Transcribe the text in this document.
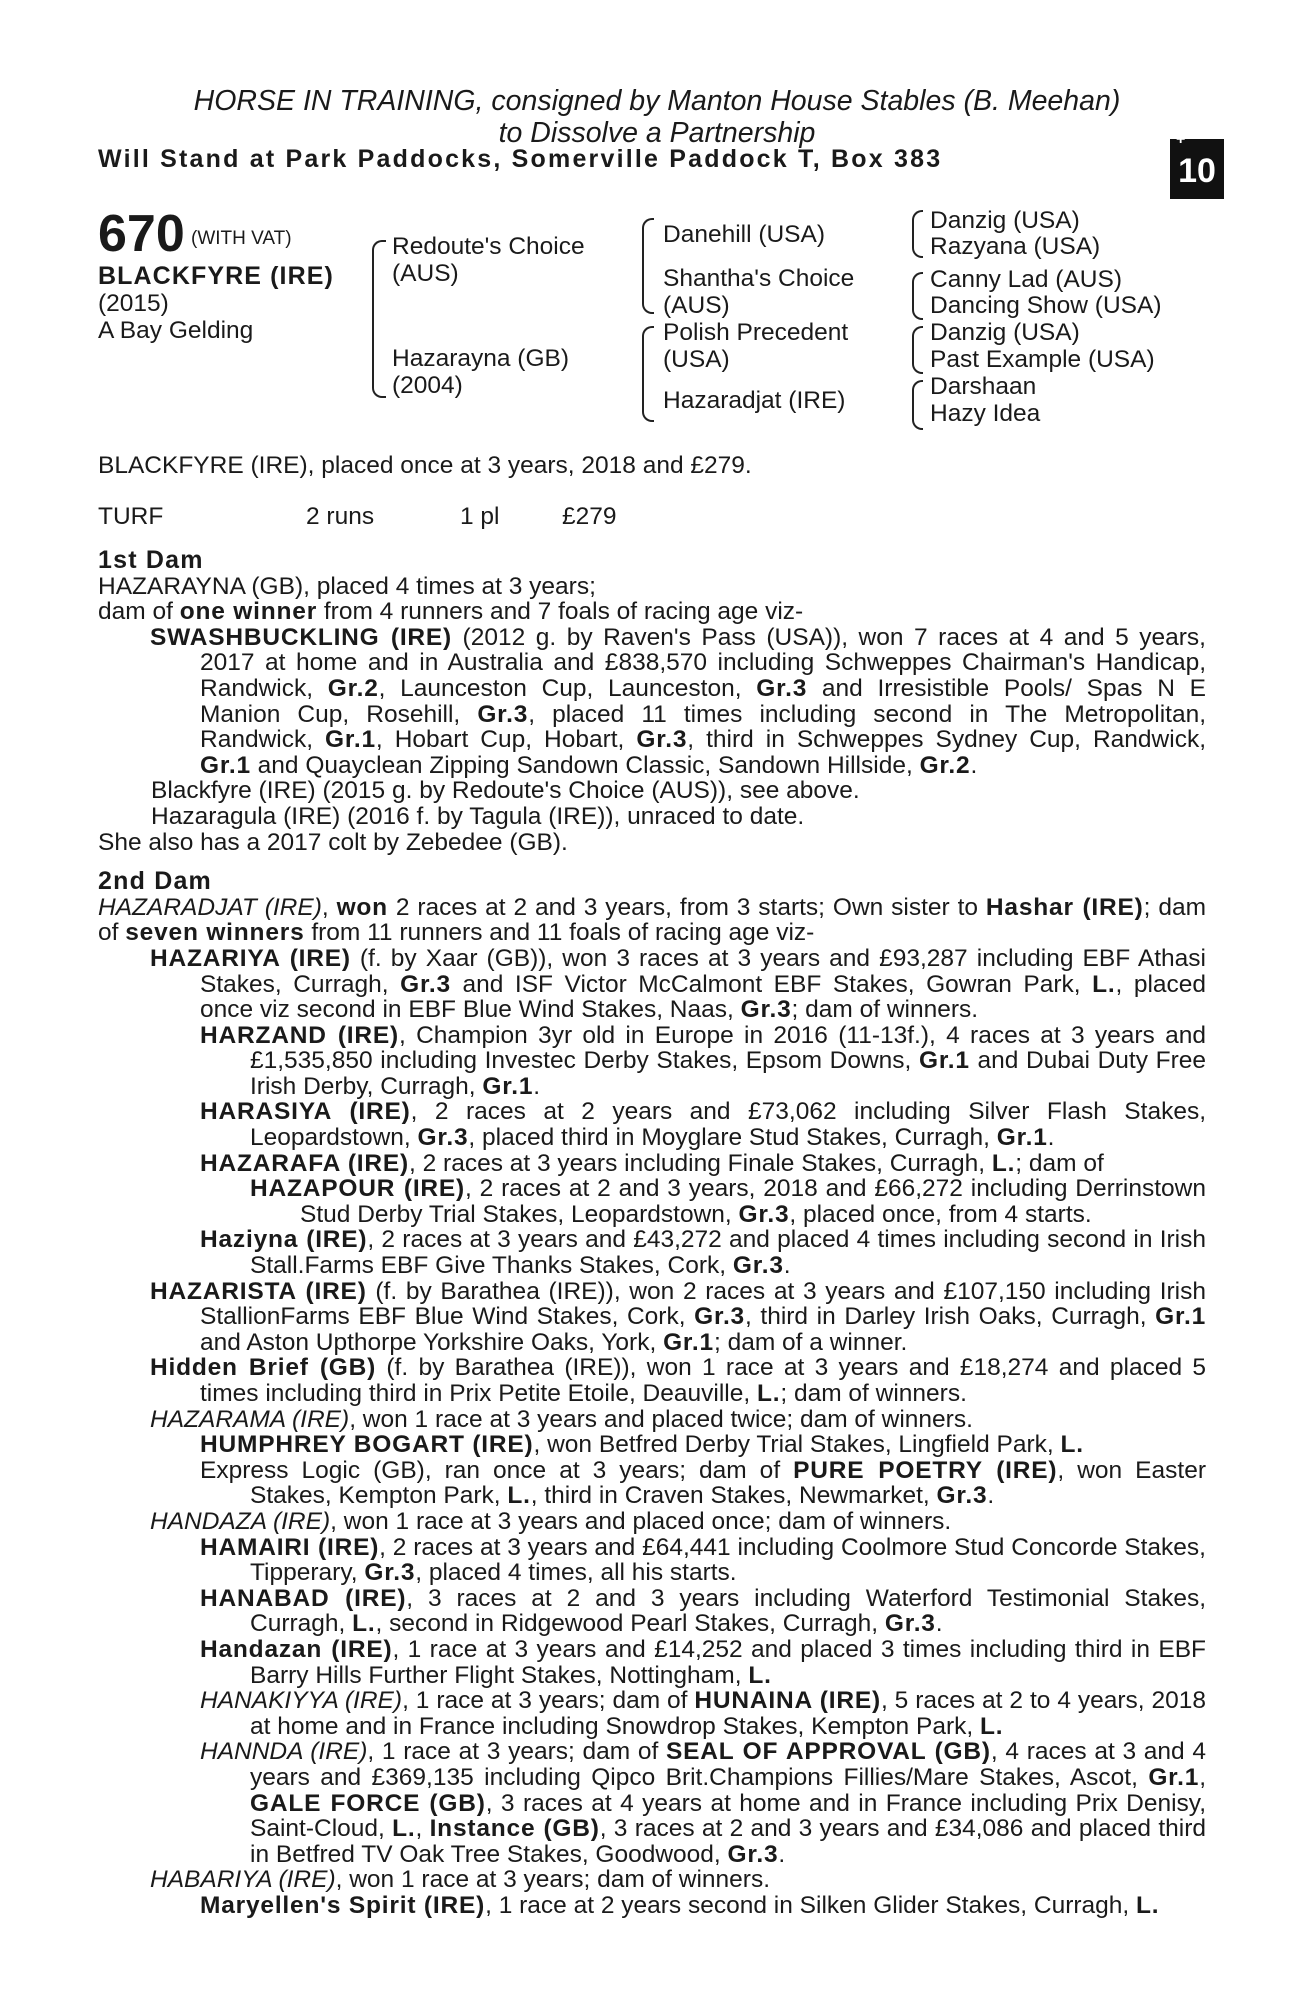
HORSE IN TRAINING, consigned by Manton House Stables (B. Meehan)
to Dissolve a Partnership
Will Stand at Park Paddocks, Somerville Paddock T, Box 383
+
10
670 (WITH VAT)
BLACKFYRE (IRE)
(2015)
A Bay Gelding
Redoute's Choice
(AUS)
Hazarayna (GB)
(2004)
Danehill (USA)
Shantha's Choice
(AUS)
Polish Precedent
(USA)
Hazaradjat (IRE)
Danzig (USA)
Razyana (USA)
Canny Lad (AUS)
Dancing Show (USA)
Danzig (USA)
Past Example (USA)
Darshaan
Hazy Idea
BLACKFYRE (IRE), placed once at 3 years, 2018 and £279.
TURF	2 runs	1 pl	£279

1st Dam

HAZARAYNA (GB), placed 4 times at 3 years;
dam of one winner from 4 runners and 7 foals of racing age viz-

SWASHBUCKLING (IRE) (2012 g. by Raven's Pass (USA)), won 7 races at 4 and 5 years, 2017 at home and in Australia and £838,570 including Schweppes Chairman's Handicap, Randwick, Gr.2, Launceston Cup, Launceston, Gr.3 and Irresistible Pools/ Spas N E Manion Cup, Rosehill, Gr.3, placed 11 times including second in The Metropolitan, Randwick, Gr.1, Hobart Cup, Hobart, Gr.3, third in Schweppes Sydney Cup, Randwick, Gr.1 and Quayclean Zipping Sandown Classic, Sandown Hillside, Gr.2.

Blackfyre (IRE) (2015 g. by Redoute's Choice (AUS)), see above.

Hazaragula (IRE) (2016 f. by Tagula (IRE)), unraced to date.

She also has a 2017 colt by Zebedee (GB).

2nd Dam

HAZARADJAT (IRE), won 2 races at 2 and 3 years, from 3 starts; Own sister to Hashar (IRE); dam of seven winners from 11 runners and 11 foals of racing age viz-

HAZARIYA (IRE) (f. by Xaar (GB)), won 3 races at 3 years and £93,287 including EBF Athasi Stakes, Curragh, Gr.3 and ISF Victor McCalmont EBF Stakes, Gowran Park, L., placed once viz second in EBF Blue Wind Stakes, Naas, Gr.3; dam of winners.

HARZAND (IRE), Champion 3yr old in Europe in 2016 (11-13f.), 4 races at 3 years and £1,535,850 including Investec Derby Stakes, Epsom Downs, Gr.1 and Dubai Duty Free Irish Derby, Curragh, Gr.1.

HARASIYA (IRE), 2 races at 2 years and £73,062 including Silver Flash Stakes, Leopardstown, Gr.3, placed third in Moyglare Stud Stakes, Curragh, Gr.1.

HAZARAFA (IRE), 2 races at 3 years including Finale Stakes, Curragh, L.; dam of

HAZAPOUR (IRE), 2 races at 2 and 3 years, 2018 and £66,272 including Derrinstown Stud Derby Trial Stakes, Leopardstown, Gr.3, placed once, from 4 starts.

Haziyna (IRE), 2 races at 3 years and £43,272 and placed 4 times including second in Irish Stall.Farms EBF Give Thanks Stakes, Cork, Gr.3.

HAZARISTA (IRE) (f. by Barathea (IRE)), won 2 races at 3 years and £107,150 including Irish StallionFarms EBF Blue Wind Stakes, Cork, Gr.3, third in Darley Irish Oaks, Curragh, Gr.1 and Aston Upthorpe Yorkshire Oaks, York, Gr.1; dam of a winner.

Hidden Brief (GB) (f. by Barathea (IRE)), won 1 race at 3 years and £18,274 and placed 5 times including third in Prix Petite Etoile, Deauville, L.; dam of winners.

HAZARAMA (IRE), won 1 race at 3 years and placed twice; dam of winners.

HUMPHREY BOGART (IRE), won Betfred Derby Trial Stakes, Lingfield Park, L.

Express Logic (GB), ran once at 3 years; dam of PURE POETRY (IRE), won Easter Stakes, Kempton Park, L., third in Craven Stakes, Newmarket, Gr.3.

HANDAZA (IRE), won 1 race at 3 years and placed once; dam of winners.

HAMAIRI (IRE), 2 races at 3 years and £64,441 including Coolmore Stud Concorde Stakes, Tipperary, Gr.3, placed 4 times, all his starts.

HANABAD (IRE), 3 races at 2 and 3 years including Waterford Testimonial Stakes, Curragh, L., second in Ridgewood Pearl Stakes, Curragh, Gr.3.

Handazan (IRE), 1 race at 3 years and £14,252 and placed 3 times including third in EBF Barry Hills Further Flight Stakes, Nottingham, L.

HANAKIYYA (IRE), 1 race at 3 years; dam of HUNAINA (IRE), 5 races at 2 to 4 years, 2018 at home and in France including Snowdrop Stakes, Kempton Park, L.

HANNDA (IRE), 1 race at 3 years; dam of SEAL OF APPROVAL (GB), 4 races at 3 and 4 years and £369,135 including Qipco Brit.Champions Fillies/Mare Stakes, Ascot, Gr.1, GALE FORCE (GB), 3 races at 4 years at home and in France including Prix Denisy, Saint-Cloud, L., Instance (GB), 3 races at 2 and 3 years and £34,086 and placed third in Betfred TV Oak Tree Stakes, Goodwood, Gr.3.

HABARIYA (IRE), won 1 race at 3 years; dam of winners.

Maryellen's Spirit (IRE), 1 race at 2 years second in Silken Glider Stakes, Curragh, L.
